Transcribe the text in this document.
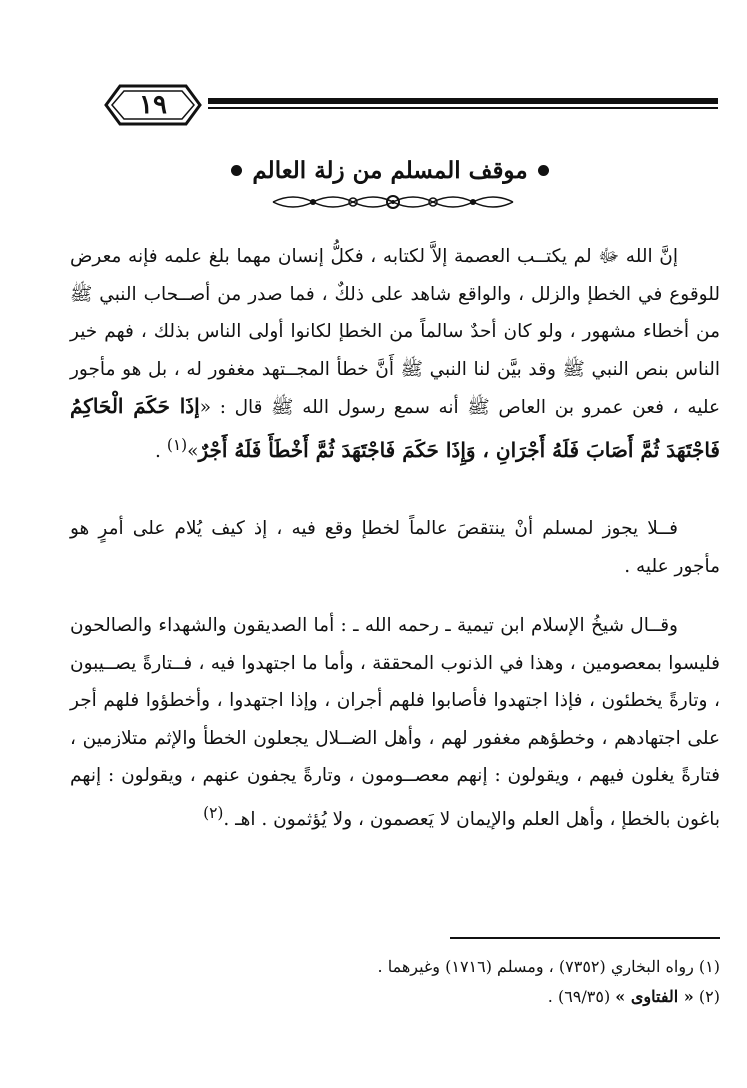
١٩
موقف المسلم من زلة العالم

إنَّ الله ﷻ لم يكتــب العصمة إلاَّ لكتابه ، فكلُّ إنسان مهما بلغ علمه فإنه معرض للوقوع في الخطإ والزلل ، والواقع شاهد على ذلكٌ ، فما صدر من أصــحاب النبي ﷺ من أخطاء مشهور ، ولو كان أحدٌ سالماً من الخطإ لكانوا أولى الناس بذلك ، فهم خير الناس بنص النبي ﷺ وقد بيَّن لنا النبي ﷺ أَنَّ خطأ المجــتهد مغفور له ، بل هو مأجور عليه ، فعن عمرو بن العاص ﷺ أنه سمع رسول الله ﷺ قال : «إذَا حَكَمَ الْحَاكِمُ فَاجْتَهَدَ ثُمَّ أَصَابَ فَلَهُ أَجْرَانِ ، وَإِذَا حَكَمَ فَاجْتَهَدَ ثُمَّ أَخْطَأَ فَلَهُ أَجْرٌ»$^{(١)}$ .

فــلا يجوز لمسلم أنْ ينتقصَ عالماً لخطإ وقع فيه ، إذ كيف يُلام على أمرٍ هو مأجور عليه .

وقــال شيخُ الإسلام ابن تيمية ـ رحمه الله ـ : أما الصديقون والشهداء والصالحون فليسوا بمعصومين ، وهذا في الذنوب المحققة ، وأما ما اجتهدوا فيه ، فــتارةً يصــيبون ، وتارةً يخطئون ، فإذا اجتهدوا فأصابوا فلهم أجران ، وإذا اجتهدوا ، وأخطؤوا فلهم أجر على اجتهادهم ، وخطؤهم مغفور لهم ، وأهل الضــلال يجعلون الخطأ والإثم متلازمين ، فتارةً يغلون فيهم ، ويقولون : إنهم معصــومون ، وتارةً يجفون عنهم ، ويقولون : إنهم باغون بالخطإ ، وأهل العلم والإيمان لا يَعصمون ، ولا يُؤثمون . اهـ .$^{(٢)}$

(١) رواه البخاري (٧٣٥٢) ، ومسلم (١٧١٦) وغيرهما .
(٢) « الفتاوى » (٦٩/٣٥) .
